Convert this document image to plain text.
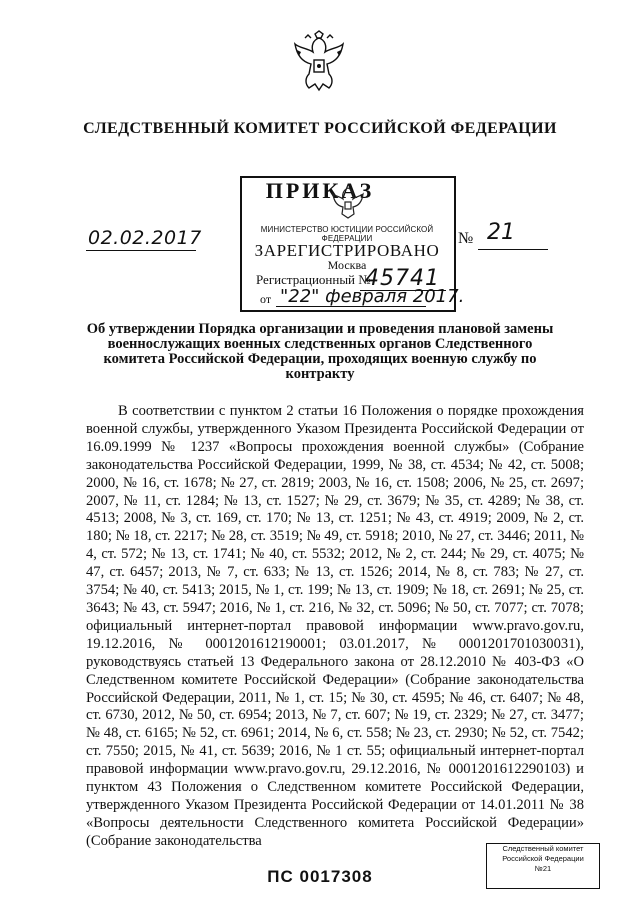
СЛЕДСТВЕННЫЙ КОМИТЕТ РОССИЙСКОЙ ФЕДЕРАЦИИ
ПРИКАЗ
МИНИСТЕРСТВО ЮСТИЦИИ РОССИЙСКОЙ ФЕДЕРАЦИИ
ЗАРЕГИСТРИРОВАНО
Москва
Регистрационный №
45741
от "22" февраля 2017.
02.02.2017	№ 21
Об утверждении Порядка организации и проведения плановой замены военнослужащих военных следственных органов Следственного комитета Российской Федерации, проходящих военную службу по контракту

В соответствии с пунктом 2 статьи 16 Положения о порядке прохождения военной службы, утвержденного Указом Президента Российской Федерации от 16.09.1999 № 1237 «Вопросы прохождения военной службы» (Собрание законодательства Российской Федерации, 1999, № 38, ст. 4534; № 42, ст. 5008; 2000, № 16, ст. 1678; № 27, ст. 2819; 2003, № 16, ст. 1508; 2006, № 25, ст. 2697; 2007, № 11, ст. 1284; № 13, ст. 1527; № 29, ст. 3679; № 35, ст. 4289; № 38, ст. 4513; 2008, № 3, ст. 169, ст. 170; № 13, ст. 1251; № 43, ст. 4919; 2009, № 2, ст. 180; № 18, ст. 2217; № 28, ст. 3519; № 49, ст. 5918; 2010, № 27, ст. 3446; 2011, № 4, ст. 572; № 13, ст. 1741; № 40, ст. 5532; 2012, № 2, ст. 244; № 29, ст. 4075; № 47, ст. 6457; 2013, № 7, ст. 633; № 13, ст. 1526; 2014, № 8, ст. 783; № 27, ст. 3754; № 40, ст. 5413; 2015, № 1, ст. 199; № 13, ст. 1909; № 18, ст. 2691; № 25, ст. 3643; № 43, ст. 5947; 2016, № 1, ст. 216, № 32, ст. 5096; № 50, ст. 7077; ст. 7078; официальный интернет-портал правовой информации www.pravo.gov.ru, 19.12.2016, № 0001201612190001; 03.01.2017, № 0001201701030031), руководствуясь статьей 13 Федерального закона от 28.12.2010 № 403-ФЗ «О Следственном комитете Российской Федерации» (Собрание законодательства Российской Федерации, 2011, № 1, ст. 15; № 30, ст. 4595; № 46, ст. 6407; № 48, ст. 6730, 2012, № 50, ст. 6954; 2013, № 7, ст. 607; № 19, ст. 2329; № 27, ст. 3477; № 48, ст. 6165; № 52, ст. 6961; 2014, № 6, ст. 558; № 23, ст. 2930; № 52, ст. 7542; ст. 7550; 2015, № 41, ст. 5639; 2016, № 1 ст. 55; официальный интернет-портал правовой информации www.pravo.gov.ru, 29.12.2016, № 0001201612290103) и пунктом 43 Положения о Следственном комитете Российской Федерации, утвержденного Указом Президента Российской Федерации от 14.01.2011 № 38 «Вопросы деятельности Следственного комитета Российской Федерации» (Собрание законодательства	Следственный комитет
Российской Федерации
№21
ПС 0017308
